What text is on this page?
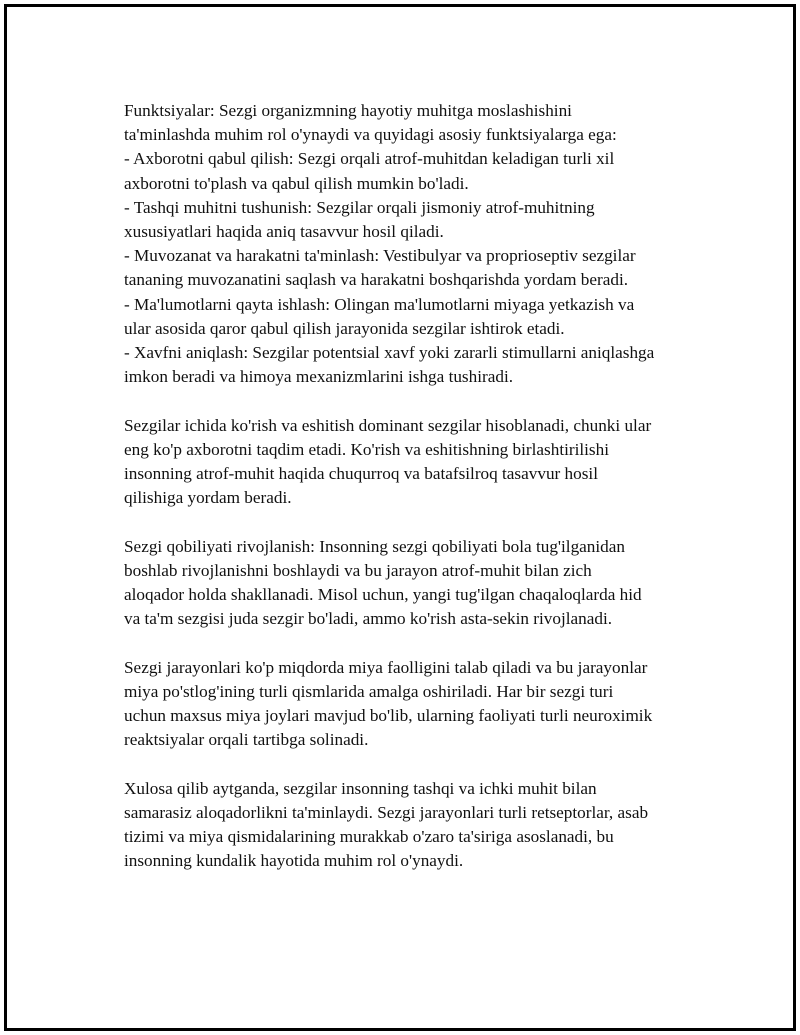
Funktsiyalar: Sezgi organizmning hayotiy muhitga moslashishini
ta'minlashda muhim rol o'ynaydi va quyidagi asosiy funktsiyalarga ega:
- Axborotni qabul qilish: Sezgi orqali atrof-muhitdan keladigan turli xil
axborotni to'plash va qabul qilish mumkin bo'ladi.
- Tashqi muhitni tushunish: Sezgilar orqali jismoniy atrof-muhitning
xususiyatlari haqida aniq tasavvur hosil qiladi.
- Muvozanat va harakatni ta'minlash: Vestibulyar va proprioseptiv sezgilar
tananing muvozanatini saqlash va harakatni boshqarishda yordam beradi.
- Ma'lumotlarni qayta ishlash: Olingan ma'lumotlarni miyaga yetkazish va
ular asosida qaror qabul qilish jarayonida sezgilar ishtirok etadi.
- Xavfni aniqlash: Sezgilar potentsial xavf yoki zararli stimullarni aniqlashga
imkon beradi va himoya mexanizmlarini ishga tushiradi.
Sezgilar ichida ko'rish va eshitish dominant sezgilar hisoblanadi, chunki ular
eng ko'p axborotni taqdim etadi. Ko'rish va eshitishning birlashtirilishi
insonning atrof-muhit haqida chuqurroq va batafsilroq tasavvur hosil
qilishiga yordam beradi.
Sezgi qobiliyati rivojlanish: Insonning sezgi qobiliyati bola tug'ilganidan
boshlab rivojlanishni boshlaydi va bu jarayon atrof-muhit bilan zich
aloqador holda shakllanadi. Misol uchun, yangi tug'ilgan chaqaloqlarda hid
va ta'm sezgisi juda sezgir bo'ladi, ammo ko'rish asta-sekin rivojlanadi.
Sezgi jarayonlari ko'p miqdorda miya faolligini talab qiladi va bu jarayonlar
miya po'stlog'ining turli qismlarida amalga oshiriladi. Har bir sezgi turi
uchun maxsus miya joylari mavjud bo'lib, ularning faoliyati turli neuroximik
reaktsiyalar orqali tartibga solinadi.
Xulosa qilib aytganda, sezgilar insonning tashqi va ichki muhit bilan
samarasiz aloqadorlikni ta'minlaydi. Sezgi jarayonlari turli retseptorlar, asab
tizimi va miya qismidalarining murakkab o'zaro ta'siriga asoslanadi, bu
insonning kundalik hayotida muhim rol o'ynaydi.
